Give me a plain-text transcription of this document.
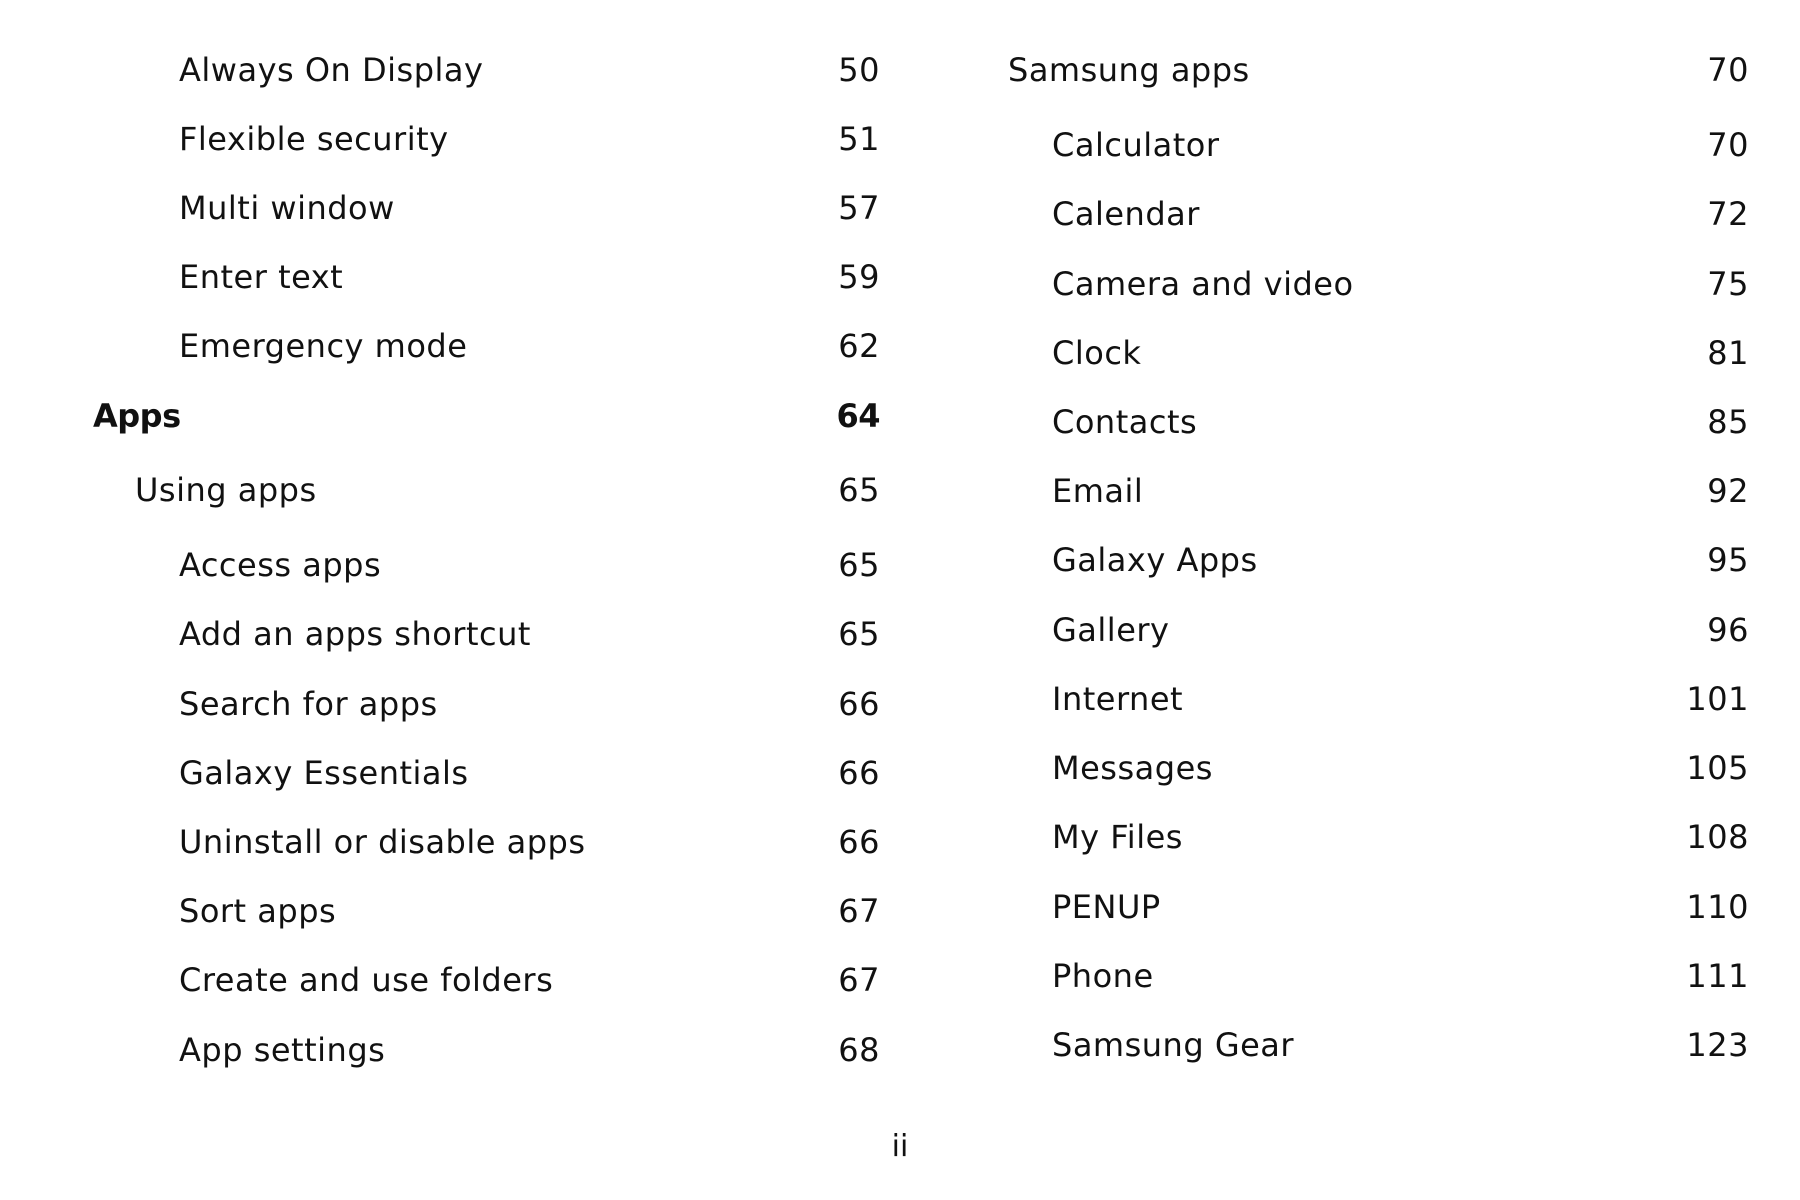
Always On Display	50
Flexible security	51
Multi window	57
Enter text	59
Emergency mode	62
Apps	64
Using apps	65
Access apps	65
Add an apps shortcut	65
Search for apps	66
Galaxy Essentials	66
Uninstall or disable apps	66
Sort apps	67
Create and use folders	67
App settings	68
Samsung apps	70
Calculator	70
Calendar	72
Camera and video	75
Clock	81
Contacts	85
Email	92
Galaxy Apps	95
Gallery	96
Internet	101
Messages	105
My Files	108
PENUP	110
Phone	111
Samsung Gear	123
ii
